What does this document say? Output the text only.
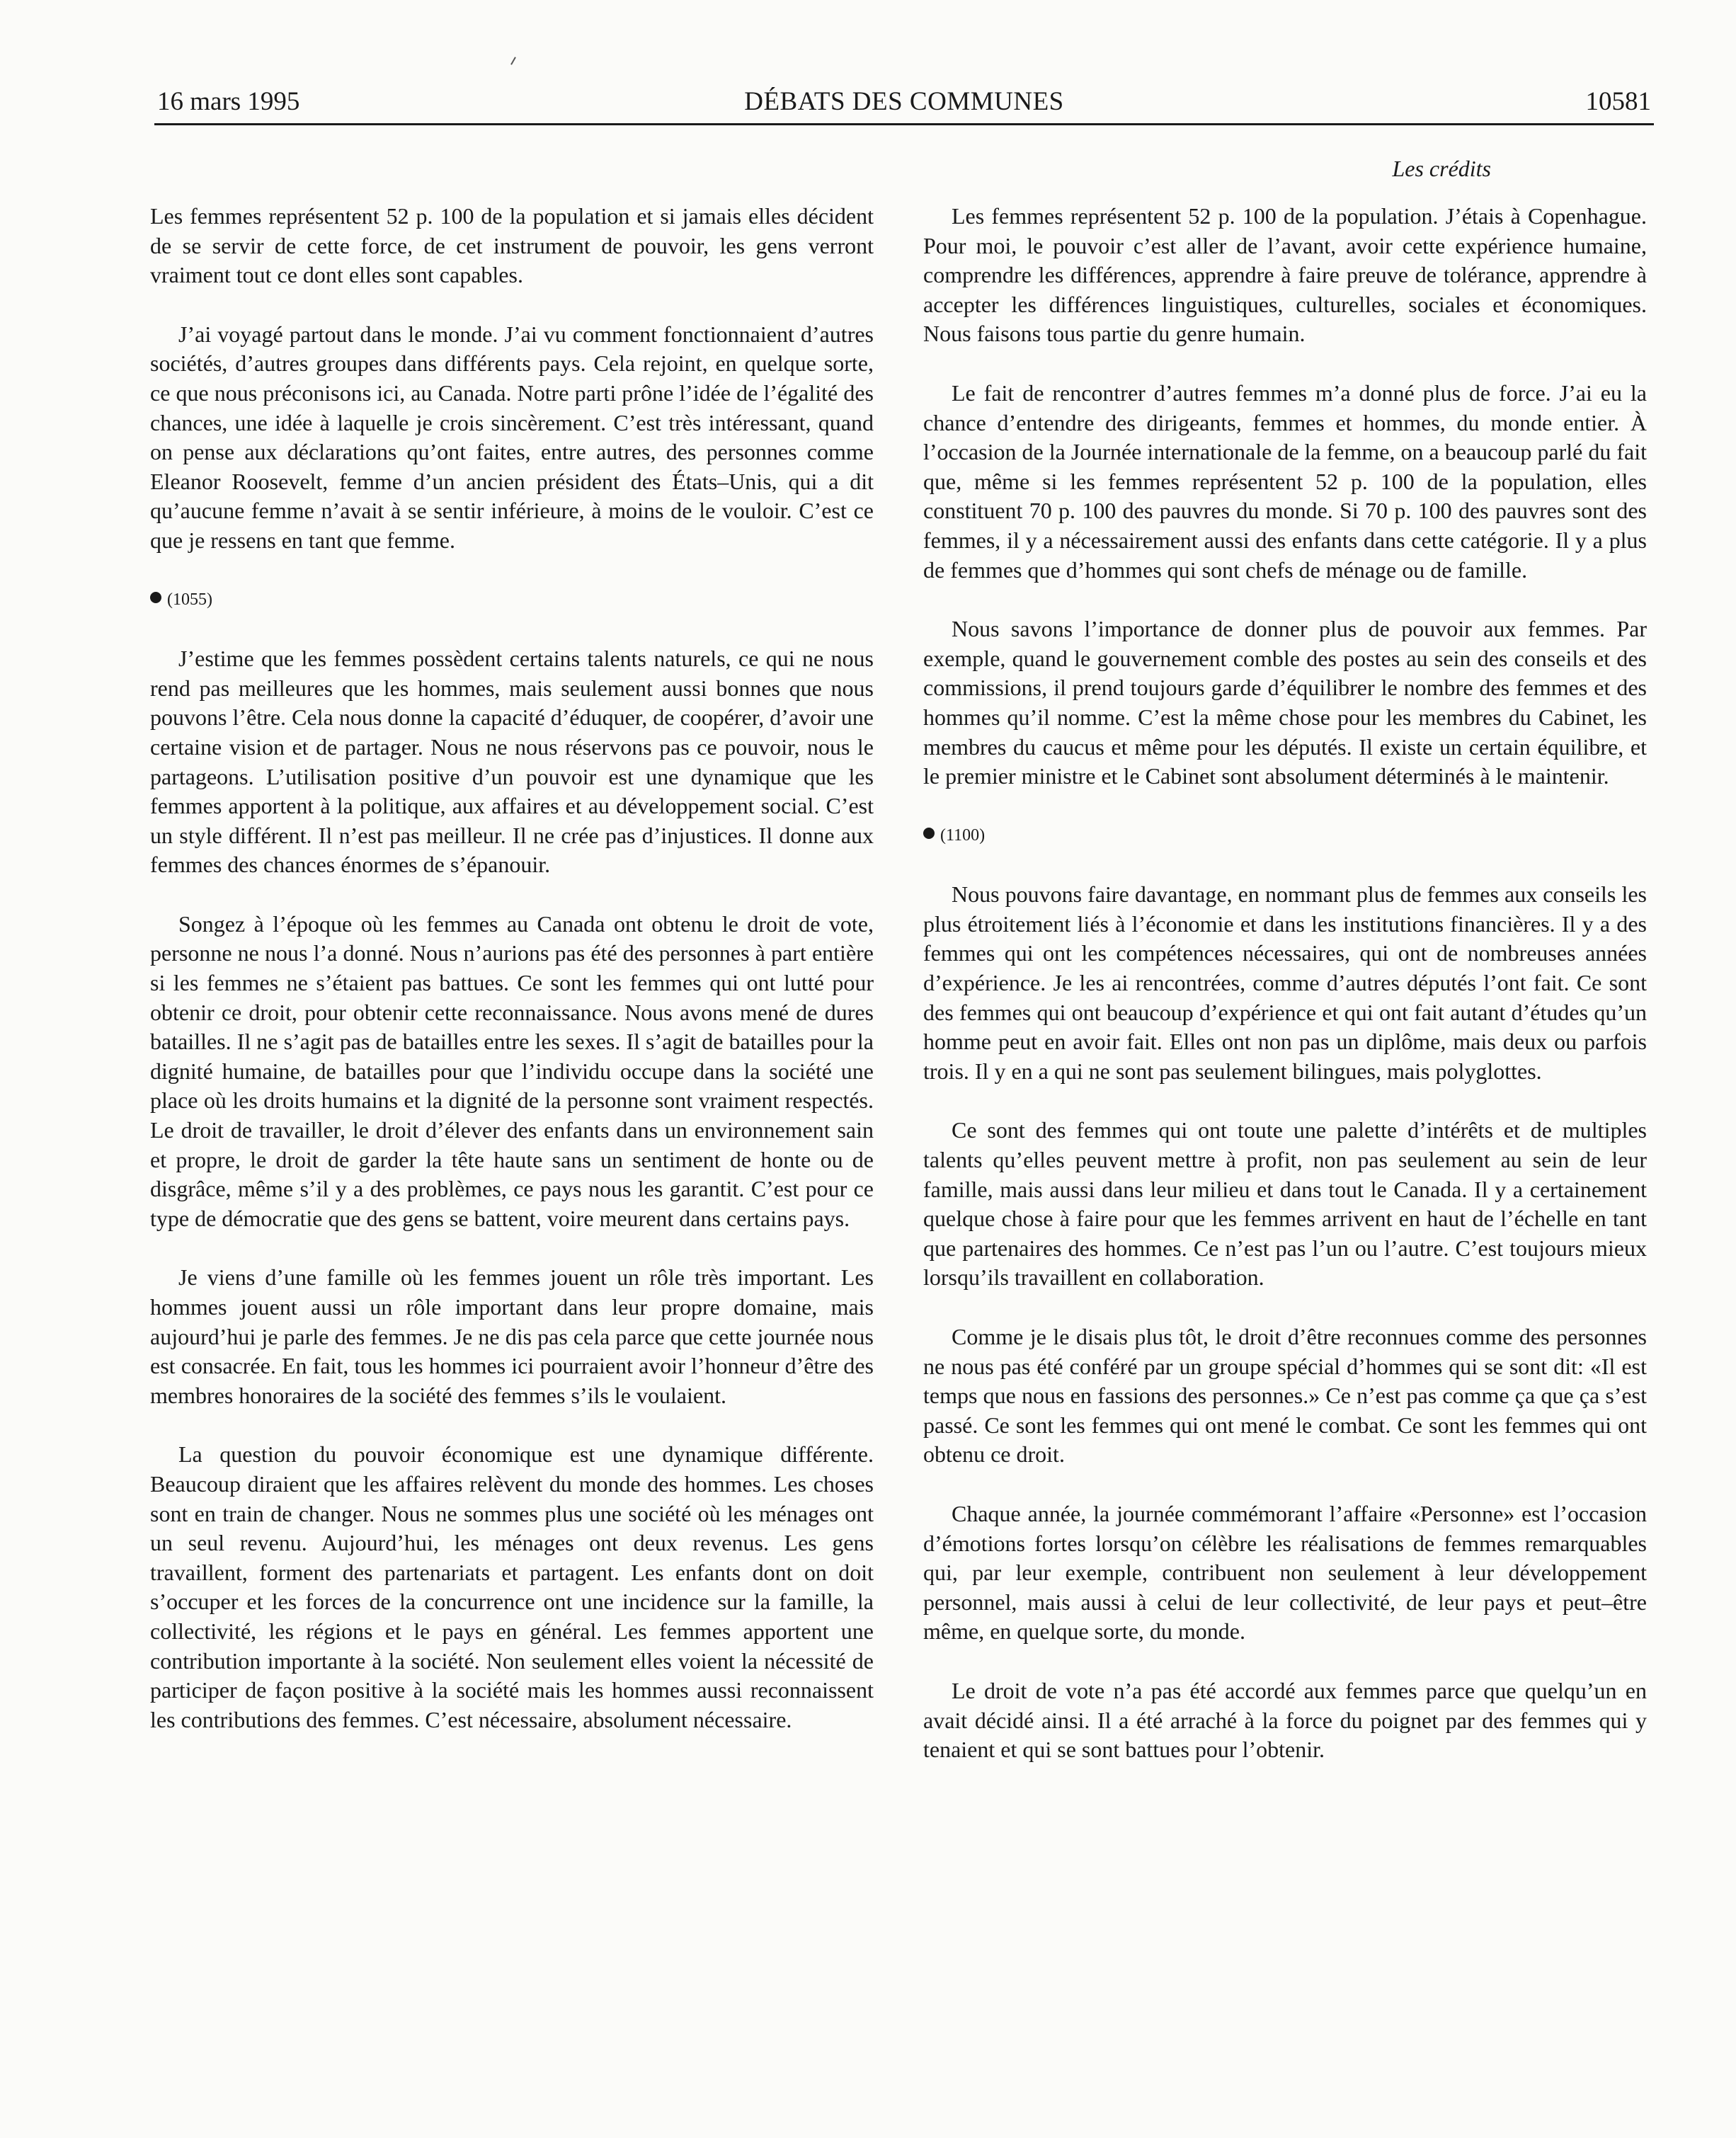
16 mars 1995	DÉBATS DES COMMUNES	10581
Les crédits

Les femmes représentent 52 p. 100 de la population et si jamais elles décident de se servir de cette force, de cet instrument de pouvoir, les gens verront vraiment tout ce dont elles sont capables.

J’ai voyagé partout dans le monde. J’ai vu comment fonctionnaient d’autres sociétés, d’autres groupes dans différents pays. Cela rejoint, en quelque sorte, ce que nous préconisons ici, au Canada. Notre parti prône l’idée de l’égalité des chances, une idée à laquelle je crois sincèrement. C’est très intéressant, quand on pense aux déclarations qu’ont faites, entre autres, des personnes comme Eleanor Roosevelt, femme d’un ancien président des États–Unis, qui a dit qu’aucune femme n’avait à se sentir inférieure, à moins de le vouloir. C’est ce que je ressens en tant que femme.

(1055)

J’estime que les femmes possèdent certains talents naturels, ce qui ne nous rend pas meilleures que les hommes, mais seulement aussi bonnes que nous pouvons l’être. Cela nous donne la capacité d’éduquer, de coopérer, d’avoir une certaine vision et de partager. Nous ne nous réservons pas ce pouvoir, nous le partageons. L’utilisation positive d’un pouvoir est une dynamique que les femmes apportent à la politique, aux affaires et au développement social. C’est un style différent. Il n’est pas meilleur. Il ne crée pas d’injustices. Il donne aux femmes des chances énormes de s’épanouir.

Songez à l’époque où les femmes au Canada ont obtenu le droit de vote, personne ne nous l’a donné. Nous n’aurions pas été des personnes à part entière si les femmes ne s’étaient pas battues. Ce sont les femmes qui ont lutté pour obtenir ce droit, pour obtenir cette reconnaissance. Nous avons mené de dures batailles. Il ne s’agit pas de batailles entre les sexes. Il s’agit de batailles pour la dignité humaine, de batailles pour que l’individu occupe dans la société une place où les droits humains et la dignité de la personne sont vraiment respectés. Le droit de travailler, le droit d’élever des enfants dans un environnement sain et propre, le droit de garder la tête haute sans un sentiment de honte ou de disgrâce, même s’il y a des problèmes, ce pays nous les garantit. C’est pour ce type de démocratie que des gens se battent, voire meurent dans certains pays.

Je viens d’une famille où les femmes jouent un rôle très important. Les hommes jouent aussi un rôle important dans leur propre domaine, mais aujourd’hui je parle des femmes. Je ne dis pas cela parce que cette journée nous est consacrée. En fait, tous les hommes ici pourraient avoir l’honneur d’être des membres honoraires de la société des femmes s’ils le voulaient.

La question du pouvoir économique est une dynamique différente. Beaucoup diraient que les affaires relèvent du monde des hommes. Les choses sont en train de changer. Nous ne sommes plus une société où les ménages ont un seul revenu. Aujourd’hui, les ménages ont deux revenus. Les gens travaillent, forment des partenariats et partagent. Les enfants dont on doit s’occuper et les forces de la concurrence ont une incidence sur la famille, la collectivité, les régions et le pays en général. Les femmes apportent une contribution importante à la société. Non seulement elles voient la nécessité de participer de façon positive à la société mais les hommes aussi reconnaissent les contributions des femmes. C’est nécessaire, absolument nécessaire.

Les femmes représentent 52 p. 100 de la population. J’étais à Copenhague. Pour moi, le pouvoir c’est aller de l’avant, avoir cette expérience humaine, comprendre les différences, apprendre à faire preuve de tolérance, apprendre à accepter les différences linguistiques, culturelles, sociales et économiques. Nous faisons tous partie du genre humain.

Le fait de rencontrer d’autres femmes m’a donné plus de force. J’ai eu la chance d’entendre des dirigeants, femmes et hommes, du monde entier. À l’occasion de la Journée internationale de la femme, on a beaucoup parlé du fait que, même si les femmes représentent 52 p. 100 de la population, elles constituent 70 p. 100 des pauvres du monde. Si 70 p. 100 des pauvres sont des femmes, il y a nécessairement aussi des enfants dans cette catégorie. Il y a plus de femmes que d’hommes qui sont chefs de ménage ou de famille.

Nous savons l’importance de donner plus de pouvoir aux femmes. Par exemple, quand le gouvernement comble des postes au sein des conseils et des commissions, il prend toujours garde d’équilibrer le nombre des femmes et des hommes qu’il nomme. C’est la même chose pour les membres du Cabinet, les membres du caucus et même pour les députés. Il existe un certain équilibre, et le premier ministre et le Cabinet sont absolument déterminés à le maintenir.

(1100)

Nous pouvons faire davantage, en nommant plus de femmes aux conseils les plus étroitement liés à l’économie et dans les institutions financières. Il y a des femmes qui ont les compétences nécessaires, qui ont de nombreuses années d’expérience. Je les ai rencontrées, comme d’autres députés l’ont fait. Ce sont des femmes qui ont beaucoup d’expérience et qui ont fait autant d’études qu’un homme peut en avoir fait. Elles ont non pas un diplôme, mais deux ou parfois trois. Il y en a qui ne sont pas seulement bilingues, mais polyglottes.

Ce sont des femmes qui ont toute une palette d’intérêts et de multiples talents qu’elles peuvent mettre à profit, non pas seulement au sein de leur famille, mais aussi dans leur milieu et dans tout le Canada. Il y a certainement quelque chose à faire pour que les femmes arrivent en haut de l’échelle en tant que partenaires des hommes. Ce n’est pas l’un ou l’autre. C’est toujours mieux lorsqu’ils travaillent en collaboration.

Comme je le disais plus tôt, le droit d’être reconnues comme des personnes ne nous pas été conféré par un groupe spécial d’hommes qui se sont dit: «Il est temps que nous en fassions des personnes.» Ce n’est pas comme ça que ça s’est passé. Ce sont les femmes qui ont mené le combat. Ce sont les femmes qui ont obtenu ce droit.

Chaque année, la journée commémorant l’affaire «Personne» est l’occasion d’émotions fortes lorsqu’on célèbre les réalisations de femmes remarquables qui, par leur exemple, contribuent non seulement à leur développement personnel, mais aussi à celui de leur collectivité, de leur pays et peut–être même, en quelque sorte, du monde.

Le droit de vote n’a pas été accordé aux femmes parce que quelqu’un en avait décidé ainsi. Il a été arraché à la force du poignet par des femmes qui y tenaient et qui se sont battues pour l’obtenir.
